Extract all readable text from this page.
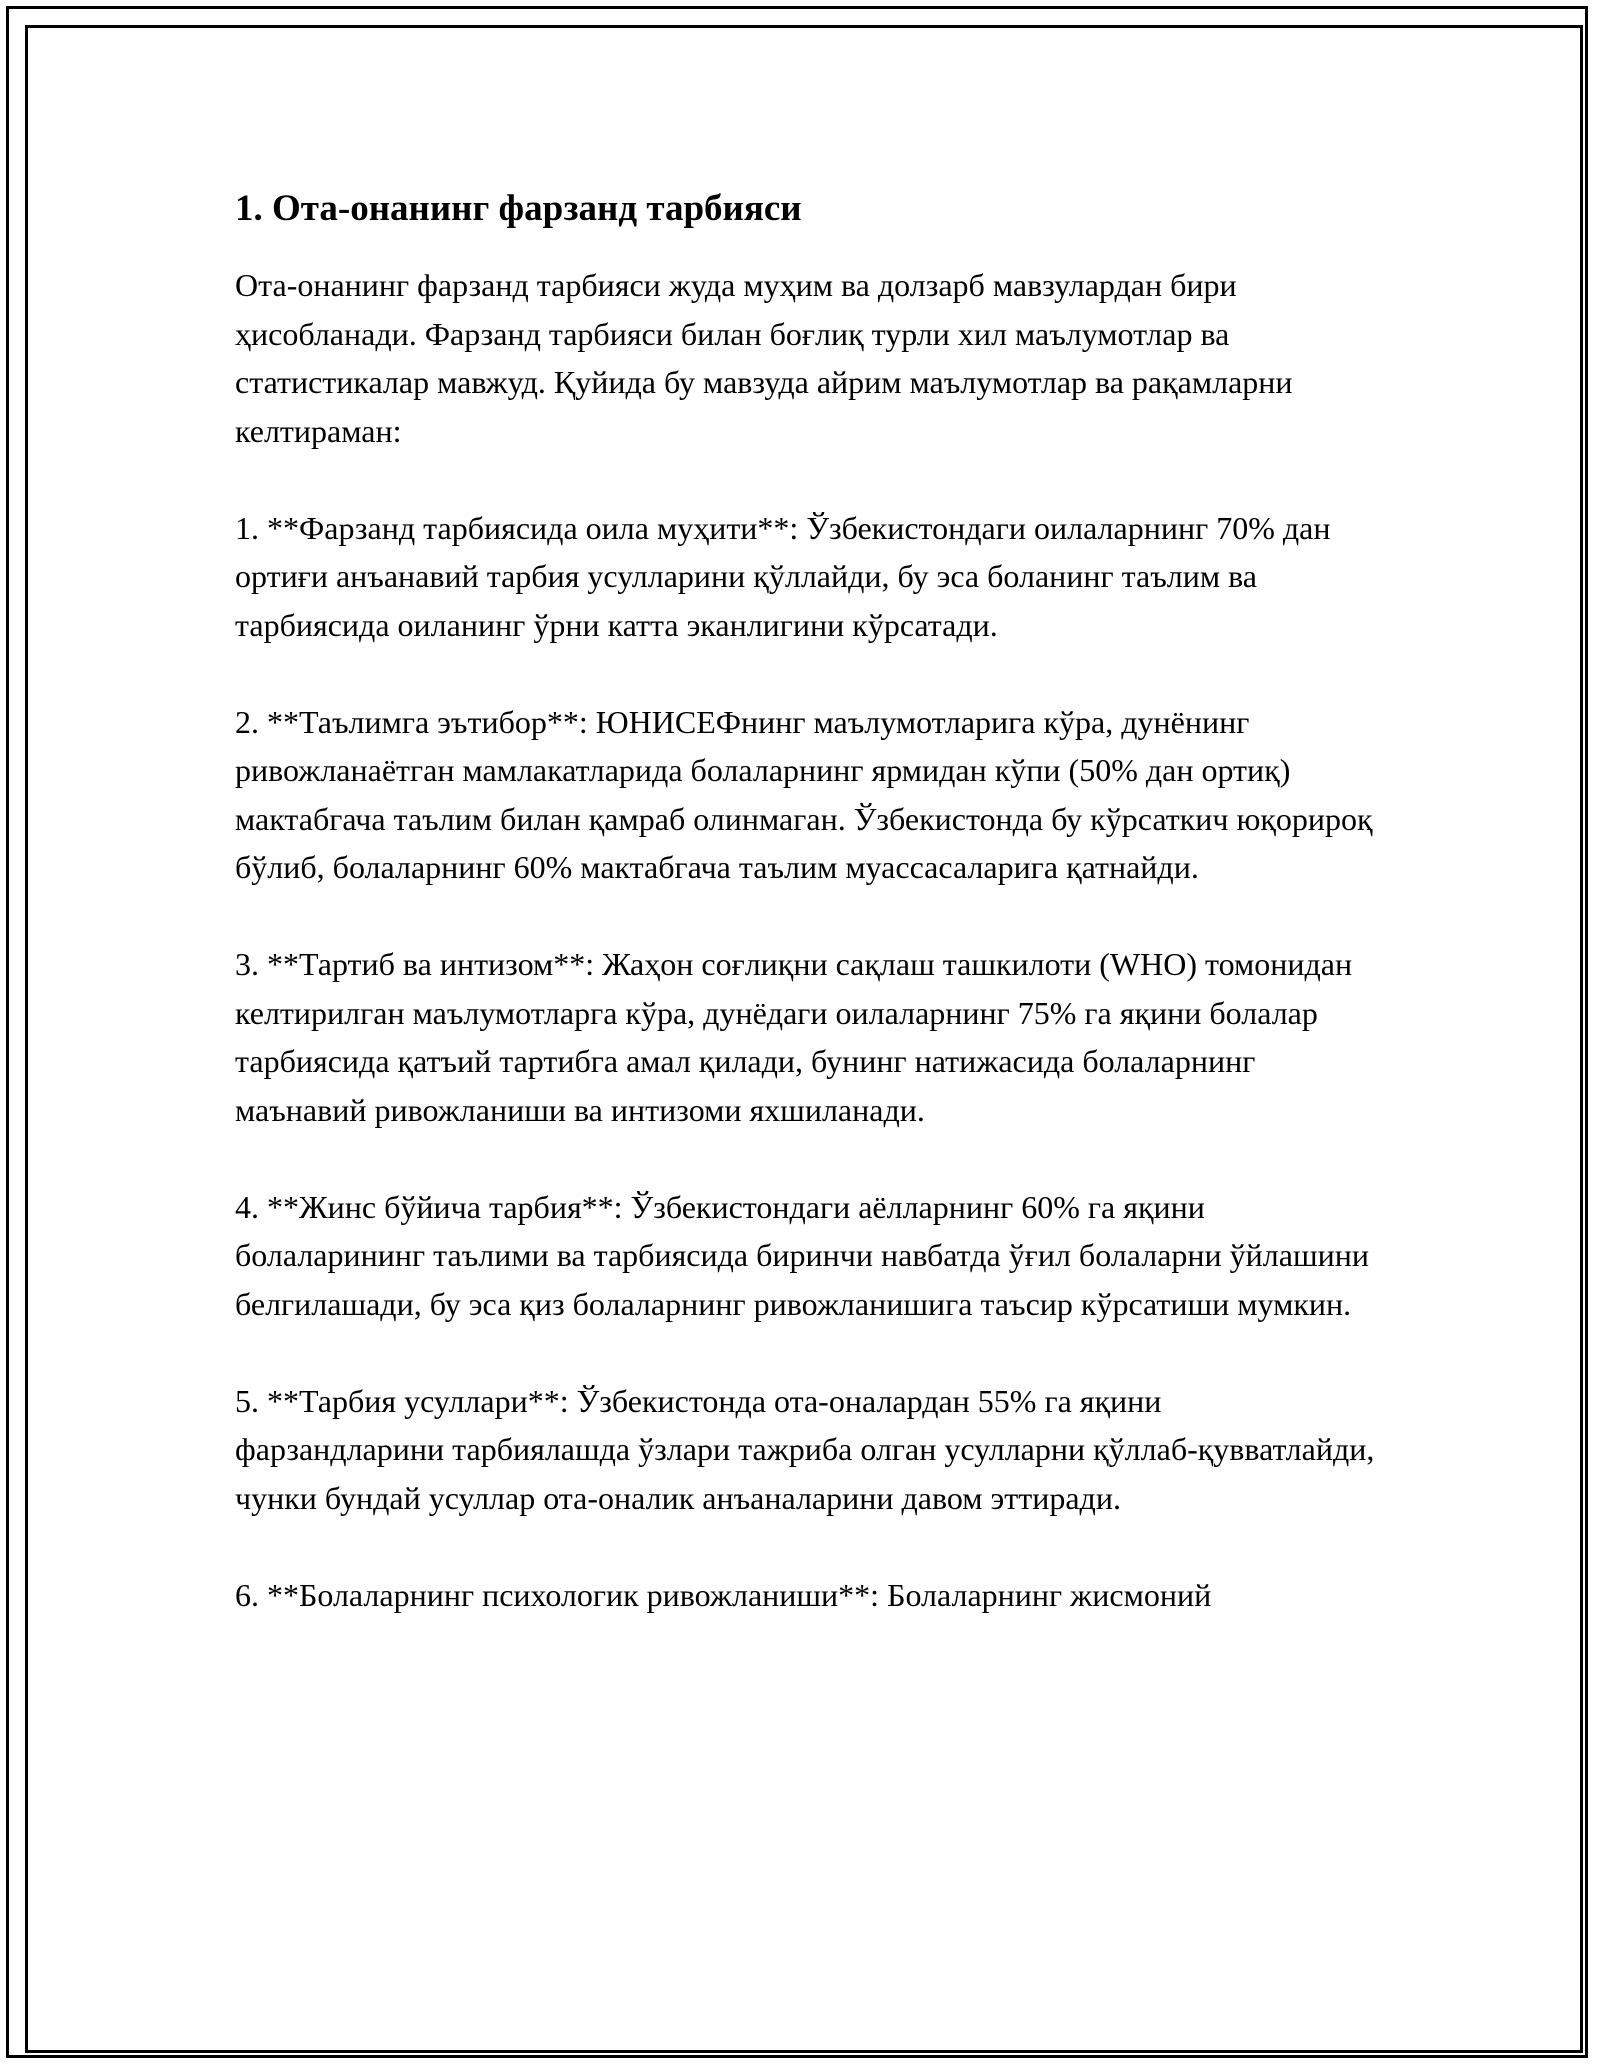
1. Ота-онанинг фарзанд тарбияси

Ота-онанинг фарзанд тарбияси жуда муҳим ва долзарб мавзулардан бири ҳисобланади. Фарзанд тарбияси билан боғлиқ турли хил маълумотлар ва статистикалар мавжуд. Қуйида бу мавзуда айрим маълумотлар ва рақамларни келтираман:

1. **Фарзанд тарбиясида оила муҳити**: Ўзбекистондаги оилаларнинг 70% дан ортиғи анъанавий тарбия усулларини қўллайди, бу эса боланинг таълим ва тарбиясида оиланинг ўрни катта эканлигини кўрсатади.

2. **Таълимга эътибор**: ЮНИСЕФнинг маълумотларига кўра, дунёнинг ривожланаётган мамлакатларида болаларнинг ярмидан кўпи (50% дан ортиқ) мактабгача таълим билан қамраб олинмаган. Ўзбекистонда бу кўрсаткич юқорироқ бўлиб, болаларнинг 60% мактабгача таълим муассасаларига қатнайди.

3. **Тартиб ва интизом**: Жаҳон соғлиқни сақлаш ташкилоти (WHO) томонидан келтирилган маълумотларга кўра, дунёдаги оилаларнинг 75% га яқини болалар тарбиясида қатъий тартибга амал қилади, бунинг натижасида болаларнинг маънавий ривожланиши ва интизоми яхшиланади.

4. **Жинс бўйича тарбия**: Ўзбекистондаги аёлларнинг 60% га яқини болаларининг таълими ва тарбиясида биринчи навбатда ўғил болаларни ўйлашини белгилашади, бу эса қиз болаларнинг ривожланишига таъсир кўрсатиши мумкин.

5. **Тарбия усуллари**: Ўзбекистонда ота-оналардан 55% га яқини фарзандларини тарбиялашда ўзлари тажриба олган усулларни қўллаб-қувватлайди, чунки бундай усуллар ота-оналик анъаналарини давом эттиради.

6. **Болаларнинг психологик ривожланиши**: Болаларнинг жисмоний
